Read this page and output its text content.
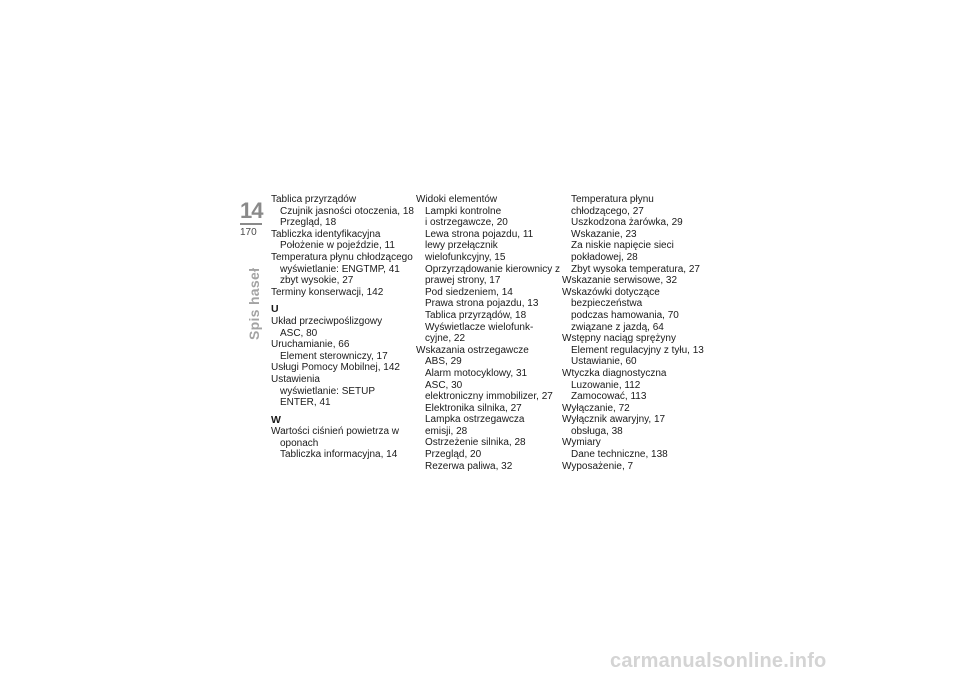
14
170
Spis haseł
Tablica przyrządów
Czujnik jasności otoczenia, 18
Przegląd, 18
Tabliczka identyfikacyjna
Położenie w pojeździe, 11
Temperatura płynu chłodzącego
wyświetlanie: ENGTMP, 41
zbyt wysokie, 27
Terminy konserwacji, 142
U
Układ przeciwpoślizgowy
ASC, 80
Uruchamianie, 66
Element sterowniczy, 17
Usługi Pomocy Mobilnej, 142
Ustawienia
wyświetlanie: SETUP
ENTER, 41
W
Wartości ciśnień powietrza w
oponach
Tabliczka informacyjna, 14
Widoki elementów
Lampki kontrolne
i ostrzegawcze, 20
Lewa strona pojazdu, 11
lewy przełącznik
wielofunkcyjny, 15
Oprzyrządowanie kierownicy z
prawej strony, 17
Pod siedzeniem, 14
Prawa strona pojazdu, 13
Tablica przyrządów, 18
Wyświetlacze wielofunk-
cyjne, 22
Wskazania ostrzegawcze
ABS, 29
Alarm motocyklowy, 31
ASC, 30
elektroniczny immobilizer, 27
Elektronika silnika, 27
Lampka ostrzegawcza
emisji, 28
Ostrzeżenie silnika, 28
Przegląd, 20
Rezerwa paliwa, 32
Temperatura płynu
chłodzącego, 27
Uszkodzona żarówka, 29
Wskazanie, 23
Za niskie napięcie sieci
pokładowej, 28
Zbyt wysoka temperatura, 27
Wskazanie serwisowe, 32
Wskazówki dotyczące
bezpieczeństwa
podczas hamowania, 70
związane z jazdą, 64
Wstępny naciąg sprężyny
Element regulacyjny z tyłu, 13
Ustawianie, 60
Wtyczka diagnostyczna
Luzowanie, 112
Zamocować, 113
Wyłączanie, 72
Wyłącznik awaryjny, 17
obsługa, 38
Wymiary
Dane techniczne, 138
Wyposażenie, 7
carmanualsonline.info
